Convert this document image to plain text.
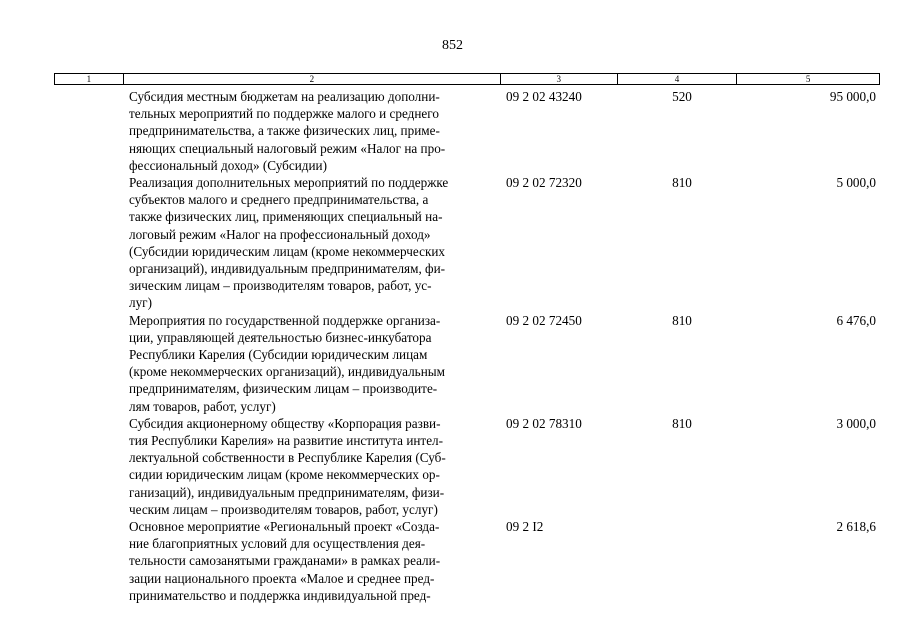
852
1	2	3	4	5
Субсидия местным бюджетам на реализацию дополни-
тельных мероприятий по поддержке малого и среднего
предпринимательства, а также физических лиц, приме-
няющих специальный налоговый режим «Налог на про-
фессиональный доход» (Субсидии)
09 2 02 43240	520	95 000,0
Реализация дополнительных мероприятий по поддержке
субъектов малого и среднего предпринимательства, а
также физических лиц, применяющих специальный на-
логовый режим «Налог на профессиональный доход»
(Субсидии юридическим лицам (кроме некоммерческих
организаций), индивидуальным предпринимателям, фи-
зическим лицам – производителям товаров, работ, ус-
луг)
09 2 02 72320	810	5 000,0
Мероприятия по государственной поддержке организа-
ции, управляющей деятельностью бизнес-инкубатора
Республики Карелия (Субсидии юридическим лицам
(кроме некоммерческих организаций), индивидуальным
предпринимателям, физическим лицам – производите-
лям товаров, работ, услуг)
09 2 02 72450	810	6 476,0
Субсидия акционерному обществу «Корпорация разви-
тия Республики Карелия» на развитие института интел-
лектуальной собственности в Республике Карелия (Суб-
сидии юридическим лицам (кроме некоммерческих ор-
ганизаций), индивидуальным предпринимателям, физи-
ческим лицам – производителям товаров, работ, услуг)
09 2 02 78310	810	3 000,0
Основное мероприятие «Региональный проект «Созда-
ние благоприятных условий для осуществления дея-
тельности самозанятыми гражданами» в рамках реали-
зации национального проекта «Малое и среднее пред-
принимательство и поддержка индивидуальной пред-
09 2 I2	2 618,6
